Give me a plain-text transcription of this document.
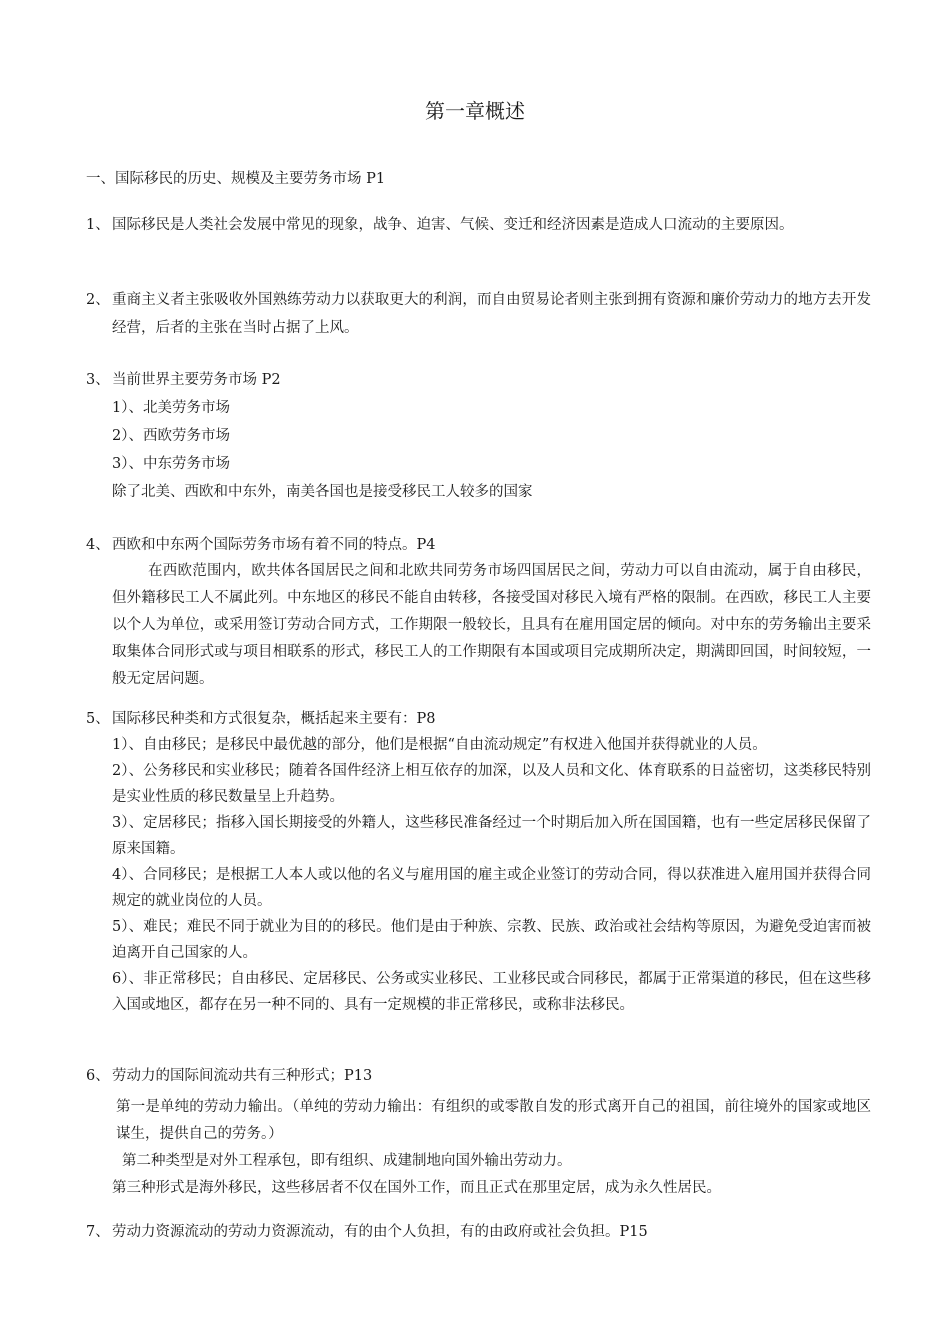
第一章概述
一、国际移民的历史、规模及主要劳务市场 P1
1、 国际移民是人类社会发展中常见的现象，战争、迫害、气候、变迁和经济因素是造成人口流动的主要原因。
2、 重商主义者主张吸收外国熟练劳动力以获取更大的利润，而自由贸易论者则主张到拥有资源和廉价劳动力的地方去开发经营，后者的主张在当时占据了上风。
3、 当前世界主要劳务市场 P2
1）、北美劳务市场
2）、西欧劳务市场
3）、中东劳务市场
除了北美、西欧和中东外，南美各国也是接受移民工人较多的国家
4、 西欧和中东两个国际劳务市场有着不同的特点。P4
在西欧范围内，欧共体各国居民之间和北欧共同劳务市场四国居民之间，劳动力可以自由流动，属于自由移民，但外籍移民工人不属此列。中东地区的移民不能自由转移，各接受国对移民入境有严格的限制。在西欧，移民工人主要以个人为单位，或采用签订劳动合同方式，工作期限一般较长，且具有在雇用国定居的倾向。对中东的劳务输出主要采取集体合同形式或与项目相联系的形式，移民工人的工作期限有本国或项目完成期所决定，期满即回国，时间较短，一般无定居问题。
5、 国际移民种类和方式很复杂，概括起来主要有：P8
1）、自由移民；是移民中最优越的部分，他们是根据“自由流动规定”有权进入他国并获得就业的人员。
2）、公务移民和实业移民；随着各国件经济上相互依存的加深，以及人员和文化、体育联系的日益密切，这类移民特别是实业性质的移民数量呈上升趋势。
3）、定居移民；指移入国长期接受的外籍人，这些移民准备经过一个时期后加入所在国国籍，也有一些定居移民保留了原来国籍。
4）、合同移民；是根据工人本人或以他的名义与雇用国的雇主或企业签订的劳动合同，得以获准进入雇用国并获得合同规定的就业岗位的人员。
5）、难民；难民不同于就业为目的的移民。他们是由于种族、宗教、民族、政治或社会结构等原因，为避免受迫害而被迫离开自己国家的人。
6）、非正常移民；自由移民、定居移民、公务或实业移民、工业移民或合同移民，都属于正常渠道的移民，但在这些移入国或地区，都存在另一种不同的、具有一定规模的非正常移民，或称非法移民。
6、 劳动力的国际间流动共有三种形式；P13
第一是单纯的劳动力输出。（单纯的劳动力输出：有组织的或零散自发的形式离开自己的祖国，前往境外的国家或地区谋生，提供自己的劳务。）
第二种类型是对外工程承包，即有组织、成建制地向国外输出劳动力。
第三种形式是海外移民，这些移居者不仅在国外工作，而且正式在那里定居，成为永久性居民。
7、 劳动力资源流动的劳动力资源流动，有的由个人负担，有的由政府或社会负担。P15
